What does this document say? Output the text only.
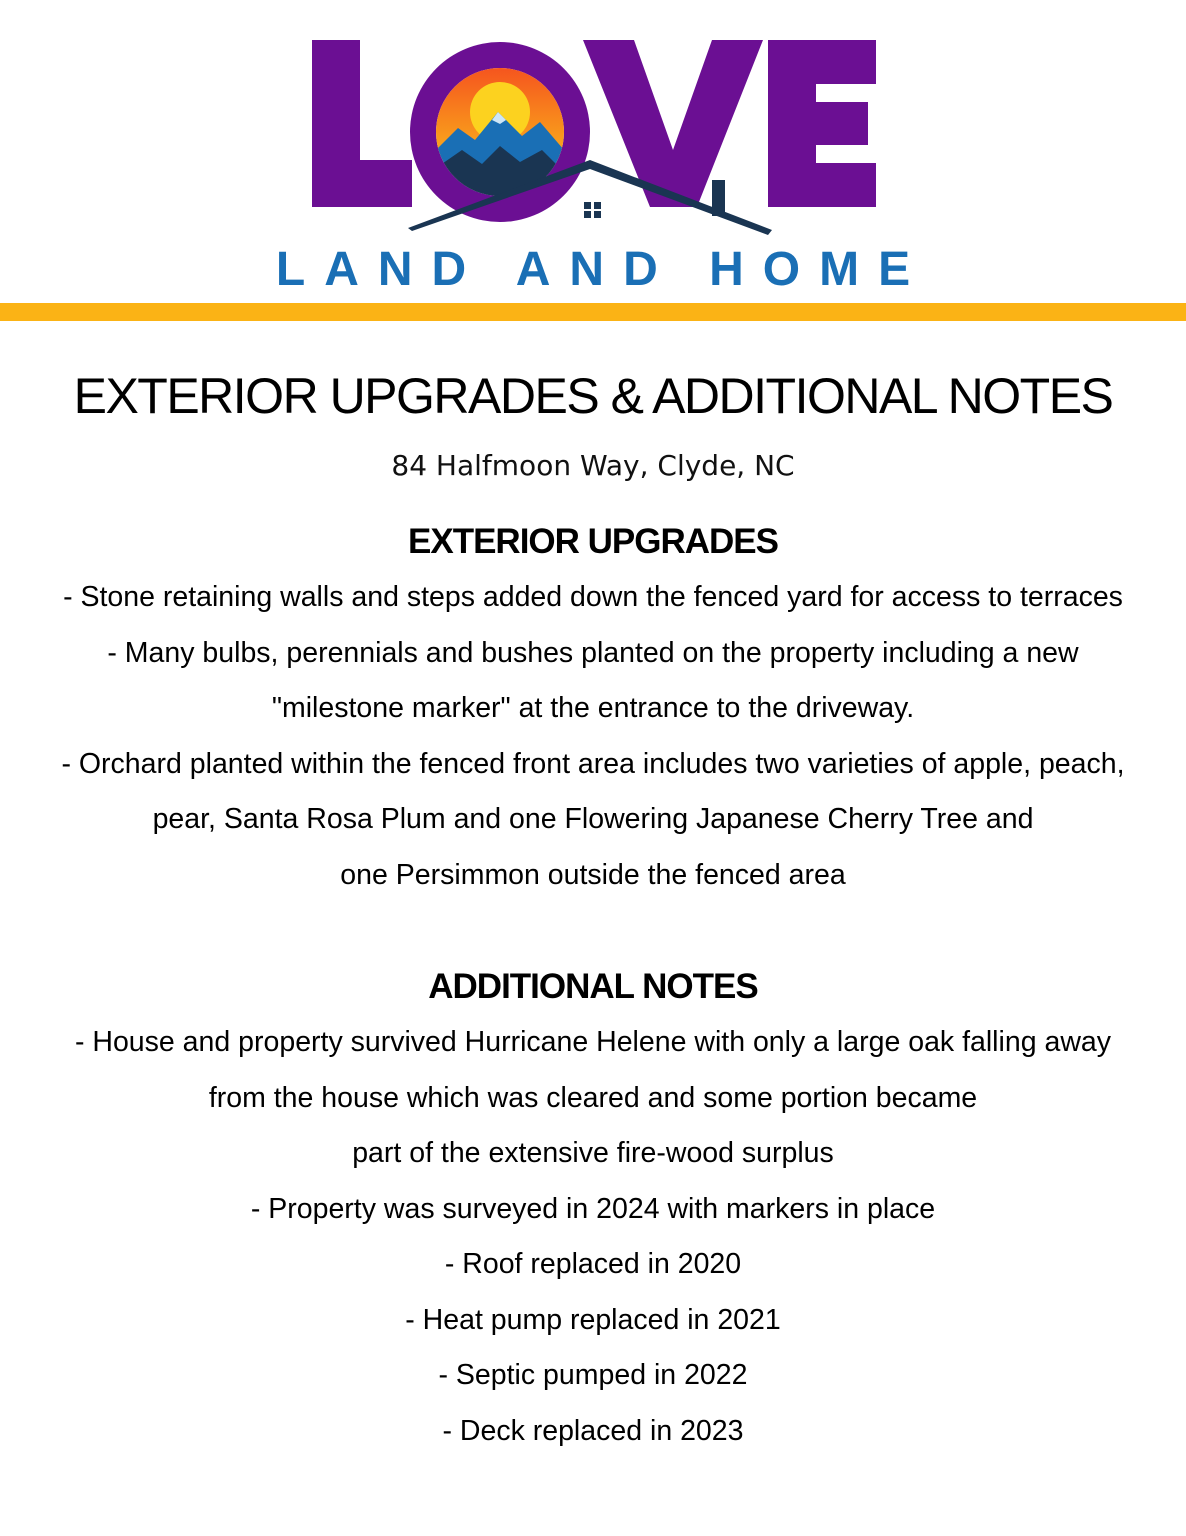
LAND AND HOME
EXTERIOR UPGRADES & ADDITIONAL NOTES
84 Halfmoon Way, Clyde, NC
EXTERIOR UPGRADES

- Stone retaining walls and steps added down the fenced yard for access to terraces

- Many bulbs, perennials and bushes planted on the property including a new

"milestone marker" at the entrance to the driveway.

- Orchard planted within the fenced front area includes two varieties of apple, peach,

pear, Santa Rosa Plum and one Flowering Japanese Cherry Tree and

one Persimmon outside the fenced area

ADDITIONAL NOTES

- House and property survived Hurricane Helene with only a large oak falling away

from the house which was cleared and some portion became

part of the extensive fire-wood surplus

- Property was surveyed in 2024 with markers in place

- Roof replaced in 2020

- Heat pump replaced in 2021

- Septic pumped in 2022

- Deck replaced in 2023
